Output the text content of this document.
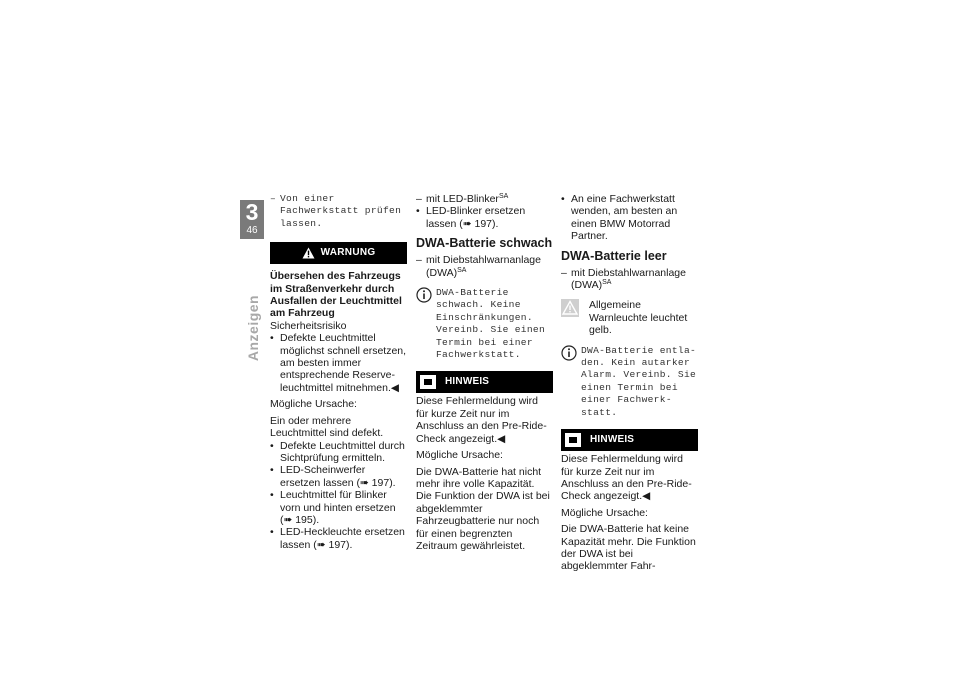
3
46
Anzeigen

– Von einer Fachwerkstatt prüfen lassen.

WARNUNG

Übersehen des Fahrzeugs im Straßenverkehr durch Ausfallen der Leuchtmittel am Fahrzeug

Sicherheitsrisiko

• Defekte Leuchtmittel möglichst schnell ersetzen, am besten immer entsprechende Reserveleuchtmittel mitnehmen.◀

Mögliche Ursache:

Ein oder mehrere Leuchtmittel sind defekt.

• Defekte Leuchtmittel durch Sichtprüfung ermitteln.

• LED-Scheinwerfer ersetzen lassen (➠ 197).

• Leuchtmittel für Blinker vorn und hinten ersetzen (➠ 195).

• LED-Heckleuchte ersetzen lassen (➠ 197).

– mit LED-Blinker$^{SA}$

• LED-Blinker ersetzen lassen (➠ 197).

DWA-Batterie schwach

– mit Diebstahlwarnanlage (DWA)$^{SA}$

DWA-Batterie schwach. Keine Einschränkungen. Vereinb. Sie einen Termin bei einer Fachwerkstatt.

HINWEIS

Diese Fehlermeldung wird für kurze Zeit nur im Anschluss an den Pre-Ride-Check angezeigt.◀

Mögliche Ursache:

Die DWA-Batterie hat nicht mehr ihre volle Kapazität. Die Funktion der DWA ist bei abgeklemmter Fahrzeugbatterie nur noch für einen begrenzten Zeitraum gewährleistet.

• An eine Fachwerkstatt wenden, am besten an einen BMW Motorrad Partner.

DWA-Batterie leer

– mit Diebstahlwarnanlage (DWA)$^{SA}$

Allgemeine Warnleuchte leuchtet gelb.

DWA-Batterie entladen. Kein autarker Alarm. Vereinb. Sie einen Termin bei einer Fachwerkstatt.

HINWEIS

Diese Fehlermeldung wird für kurze Zeit nur im Anschluss an den Pre-Ride-Check angezeigt.◀

Mögliche Ursache:

Die DWA-Batterie hat keine Kapazität mehr. Die Funktion der DWA ist bei abgeklemmter Fahr-
